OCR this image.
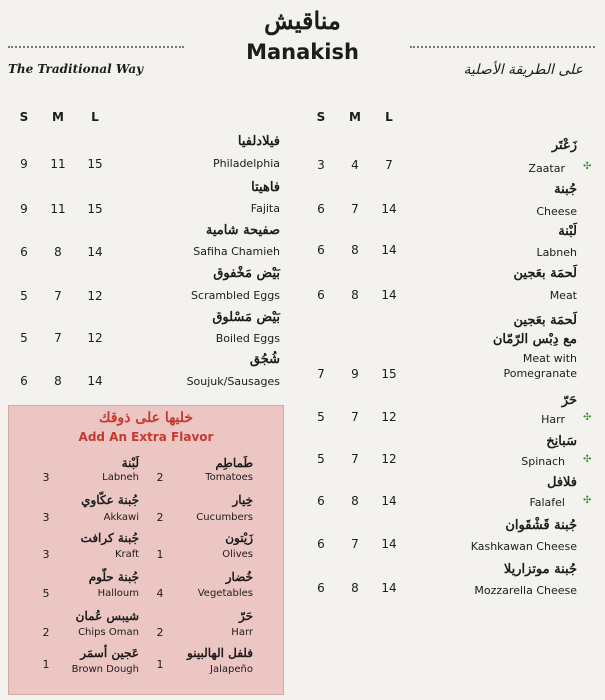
مناقيش
Manakish
The Traditional Way	على الطريقة الأصلية
S	M	L	S	M	L
فيلادلفيا
Philadelphia
9	11	15
فاهيتا
Fajita
9	11	15
صفيحة شامية
Safiha Chamieh
6	8	14
بَيْض مَخْفوق
Scrambled Eggs
5	7	12
بَيْض مَسْلوق
Boiled Eggs
5	7	12
شُجُق
Soujuk/Sausages
6	8	14
زَعْتَر
Zaatar ✣
3	4	7
جُبنة
Cheese
6	7	14
لَبْنة
Labneh
6	8	14
لَحمَة بعَجين
Meat
6	8	14
لَحمَة بعَجين
مع دِبْس الرّمّان
Meat with
Pomegranate
7	9	15
حَرّ
Harr ✣
5	7	12
سَبانِخ
Spinach ✣
5	7	12
فلافل
Falafel ✣
6	8	14
جُبنة قَشْقَوان
Kashkawan Cheese
6	7	14
جُبنة موتزاريلا
Mozzarella Cheese
6	8	14
خليها على ذوقك
Add An Extra Flavor
لَبْنة
Labneh
3
جُبنة عكّاوي
Akkawi
3
جُبنة كرافت
Kraft
3
جُبنة حلّوم
Halloum
5
شيبس عُمان
Chips Oman
2
عَجين أسمَر
Brown Dough
1
طَماطِم
Tomatoes
2
خِيار
Cucumbers
2
زَيْتون
Olives
1
خُضار
Vegetables
4
حَرّ
Harr
2
فلفل الهالبينو
Jalapeño
1
